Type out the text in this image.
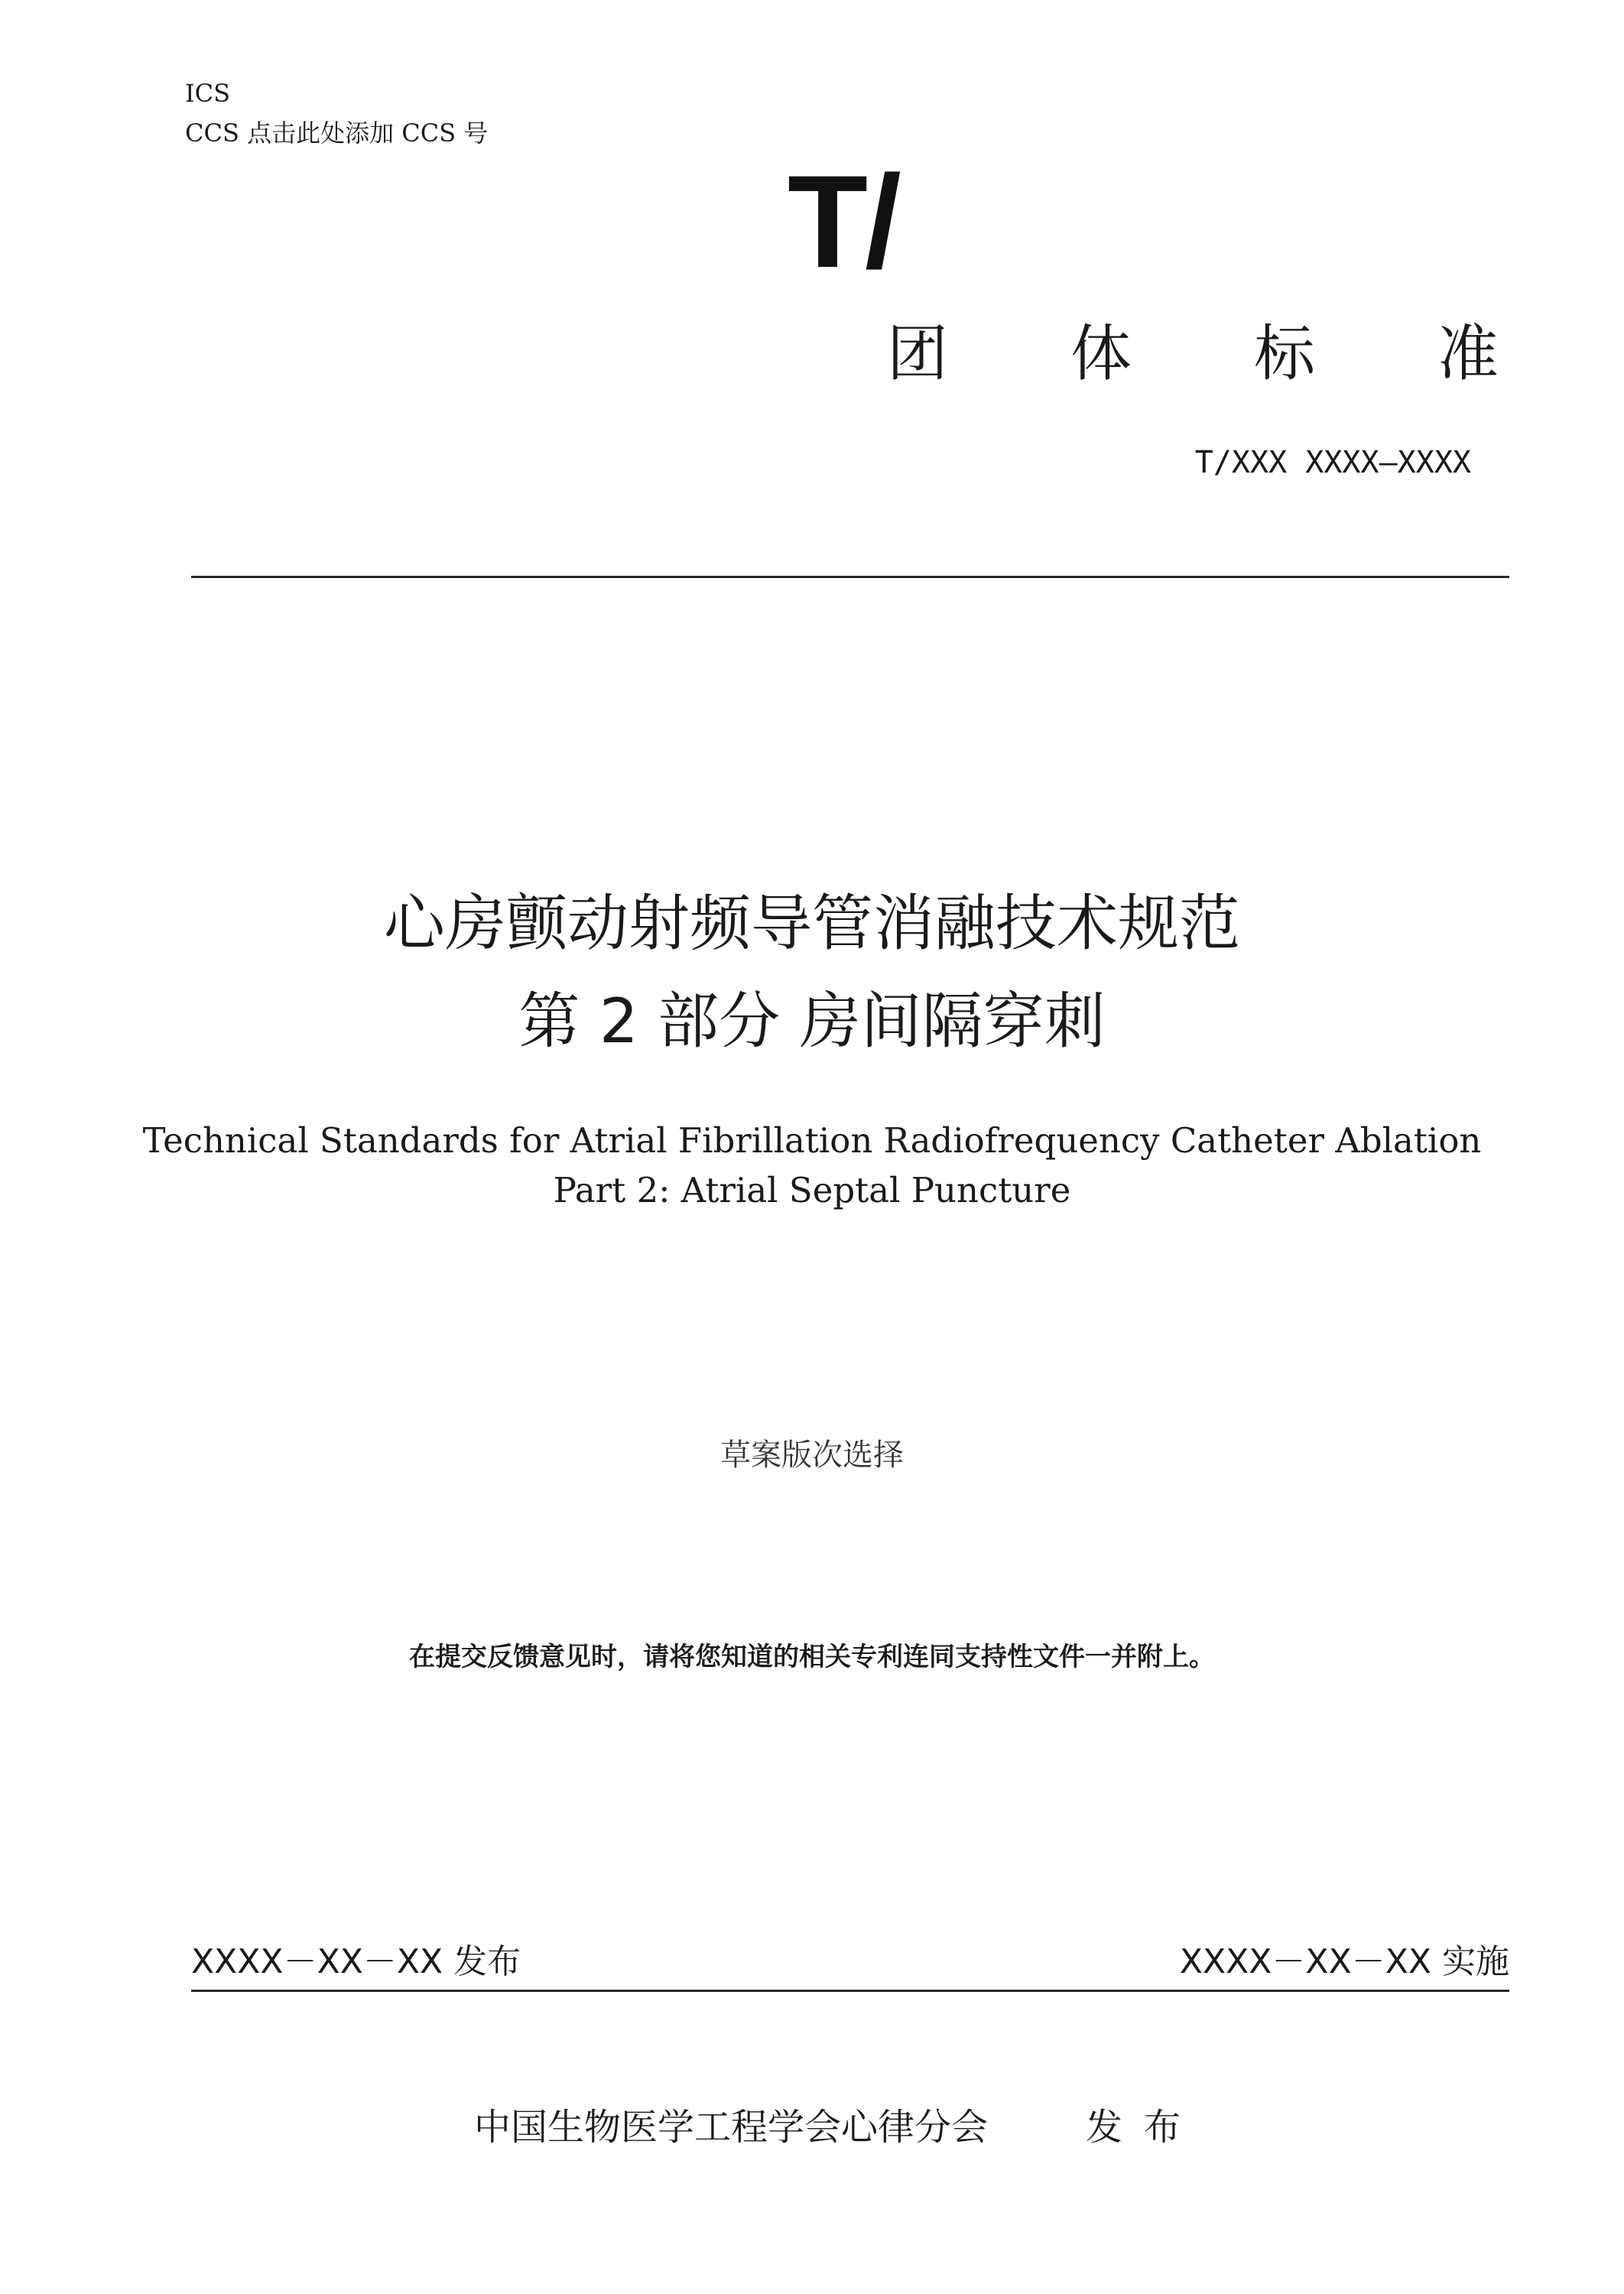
ICS
CCS 点击此处添加 CCS 号
T/
团 体 标 准
T/XXX XXXX—XXXX
心房颤动射频导管消融技术规范
第 2 部分 房间隔穿刺
Technical Standards for Atrial Fibrillation Radiofrequency Catheter Ablation
Part 2: Atrial Septal Puncture
草案版次选择
在提交反馈意见时，请将您知道的相关专利连同支持性文件一并附上。
XXXX－XX－XX 发布	XXXX－XX－XX 实施
中国生物医学工程学会心律分会	发布
